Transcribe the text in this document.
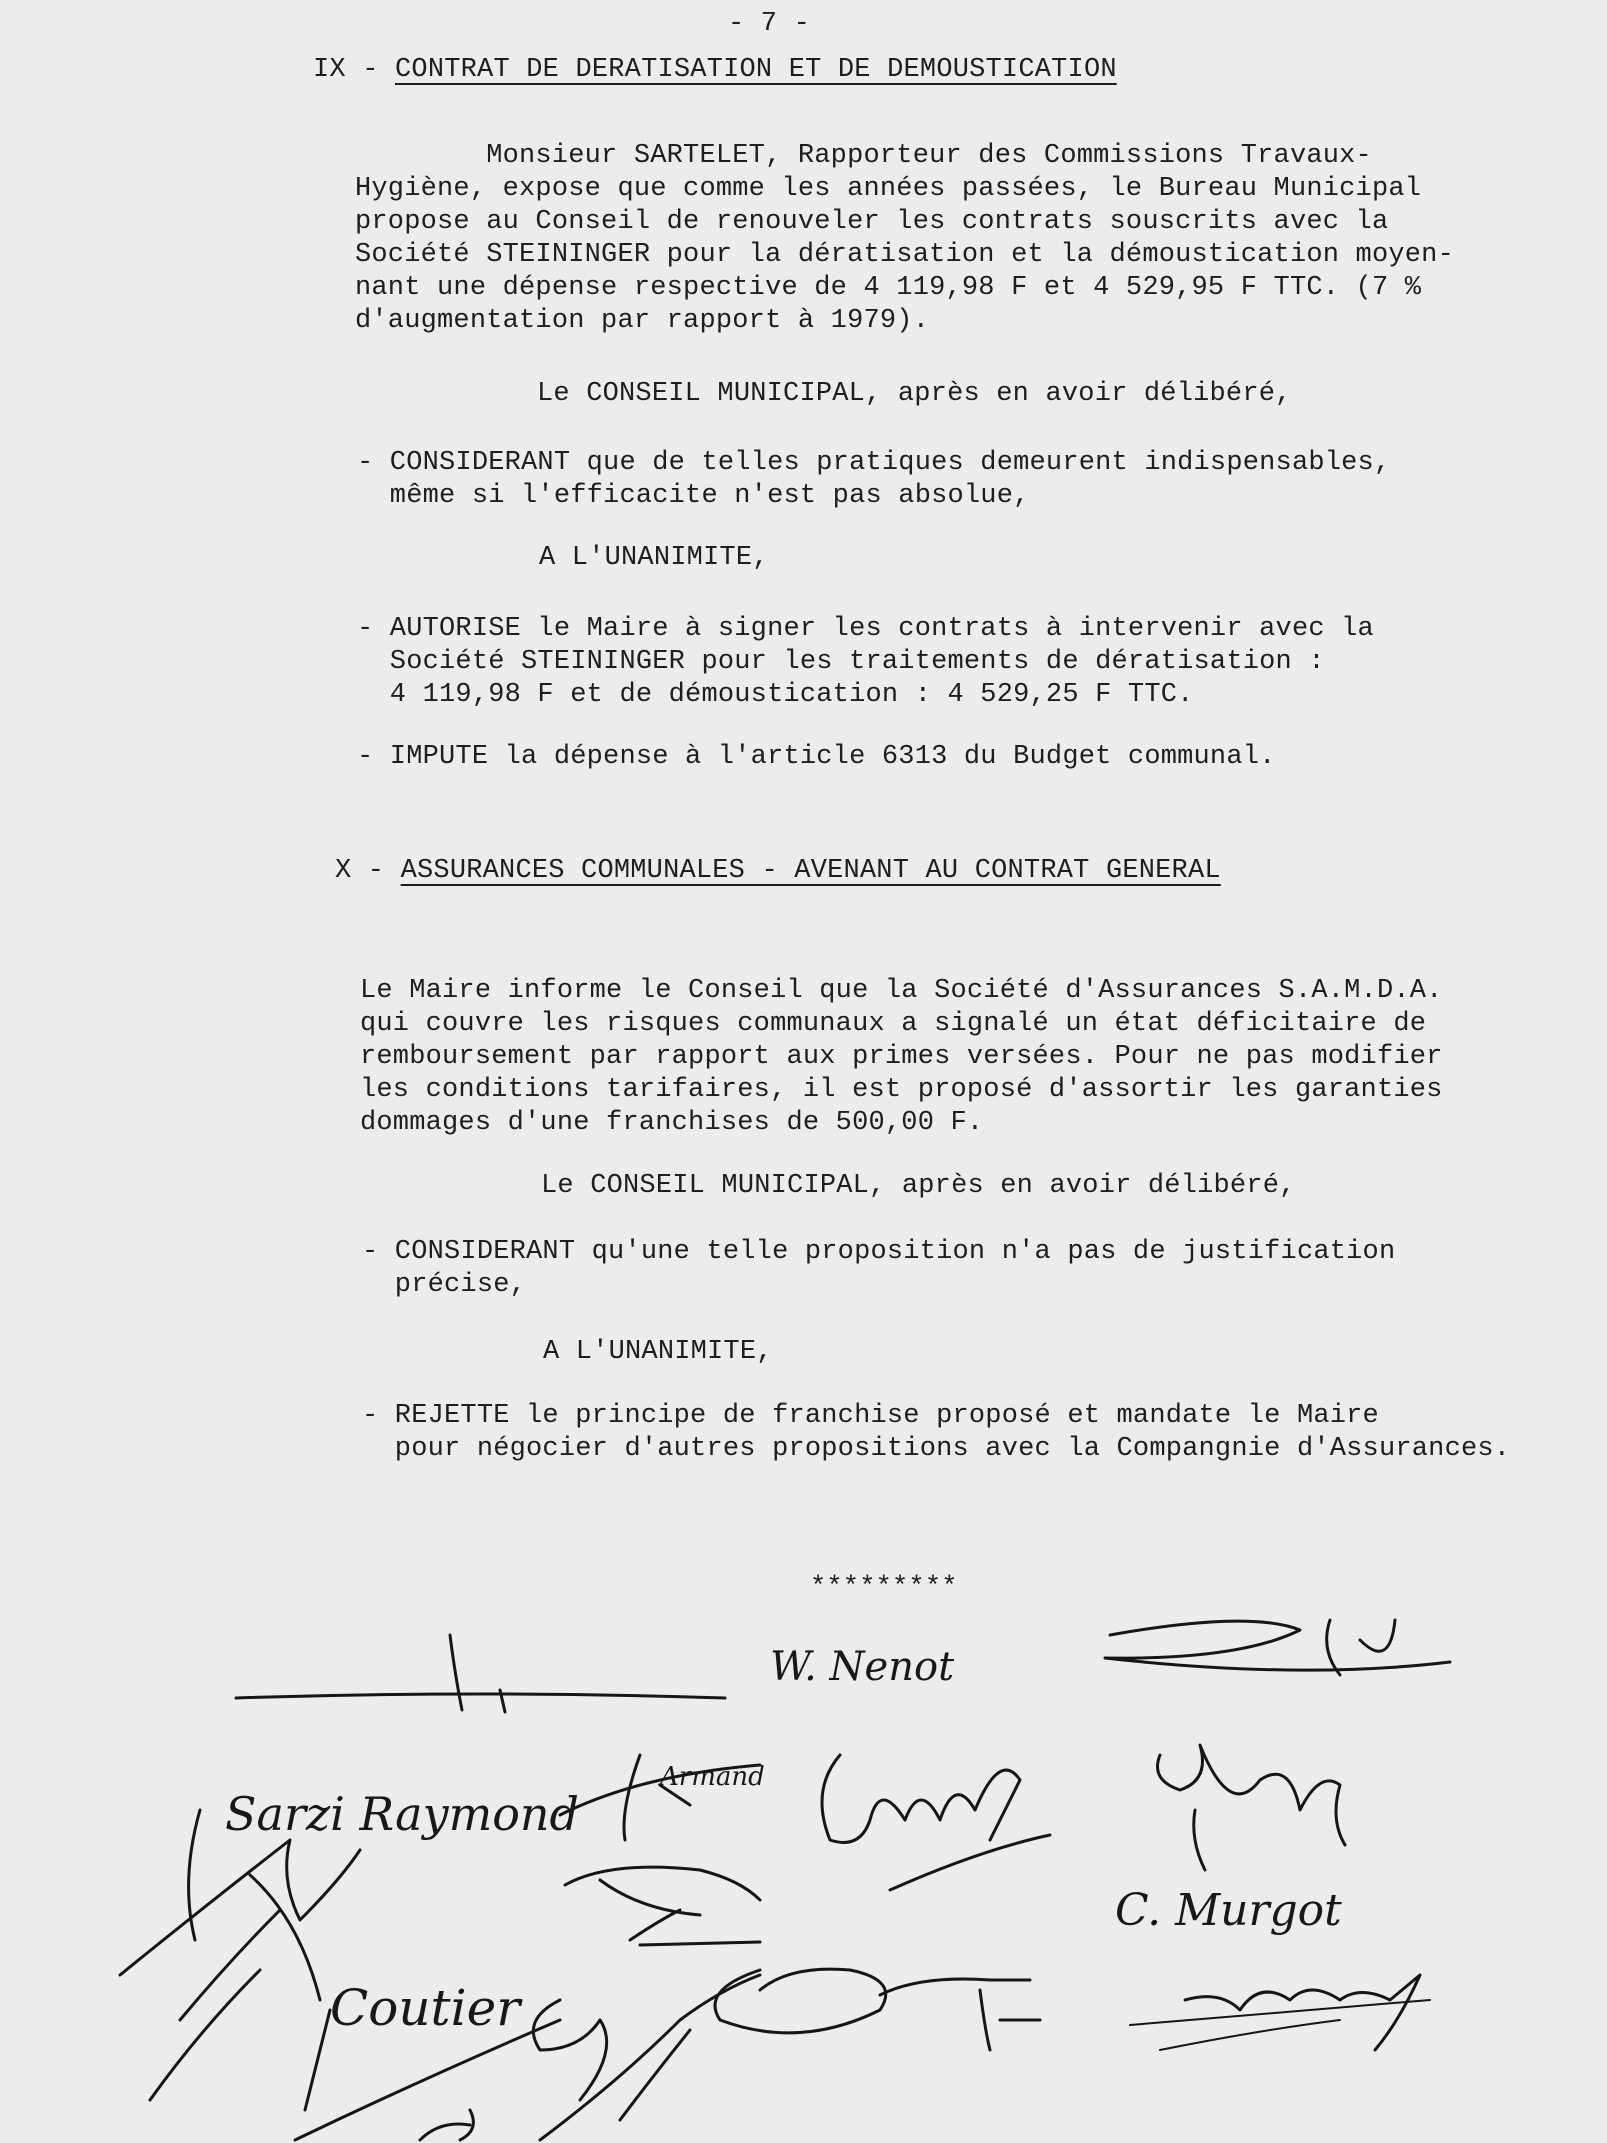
- 7 -
IX - CONTRAT DE DERATISATION ET DE DEMOUSTICATION
Monsieur SARTELET, Rapporteur des Commissions Travaux-
Hygiène, expose que comme les années passées, le Bureau Municipal
propose au Conseil de renouveler les contrats souscrits avec la
Société STEININGER pour la dératisation et la démoustication moyen-
nant une dépense respective de 4 119,98 F et 4 529,95 F TTC. (7 %
d'augmentation par rapport à 1979).
Le CONSEIL MUNICIPAL, après en avoir délibéré,
- CONSIDERANT que de telles pratiques demeurent indispensables,
même si l'efficacite n'est pas absolue,
A L'UNANIMITE,
- AUTORISE le Maire à signer les contrats à intervenir avec la
Société STEININGER pour les traitements de dératisation :
4 119,98 F et de démoustication : 4 529,25 F TTC.
- IMPUTE la dépense à l'article 6313 du Budget communal.
X - ASSURANCES COMMUNALES - AVENANT AU CONTRAT GENERAL
Le Maire informe le Conseil que la Société d'Assurances S.A.M.D.A.
qui couvre les risques communaux a signalé un état déficitaire de
remboursement par rapport aux primes versées. Pour ne pas modifier
les conditions tarifaires, il est proposé d'assortir les garanties
dommages d'une franchises de 500,00 F.
Le CONSEIL MUNICIPAL, après en avoir délibéré,
- CONSIDERANT qu'une telle proposition n'a pas de justification
précise,
A L'UNANIMITE,
- REJETTE le principe de franchise proposé et mandate le Maire
pour négocier d'autres propositions avec la Compangnie d'Assurances.
*********
W. Nenot
Sarzi Raymond
Armand
C. Murgot
Coutier
